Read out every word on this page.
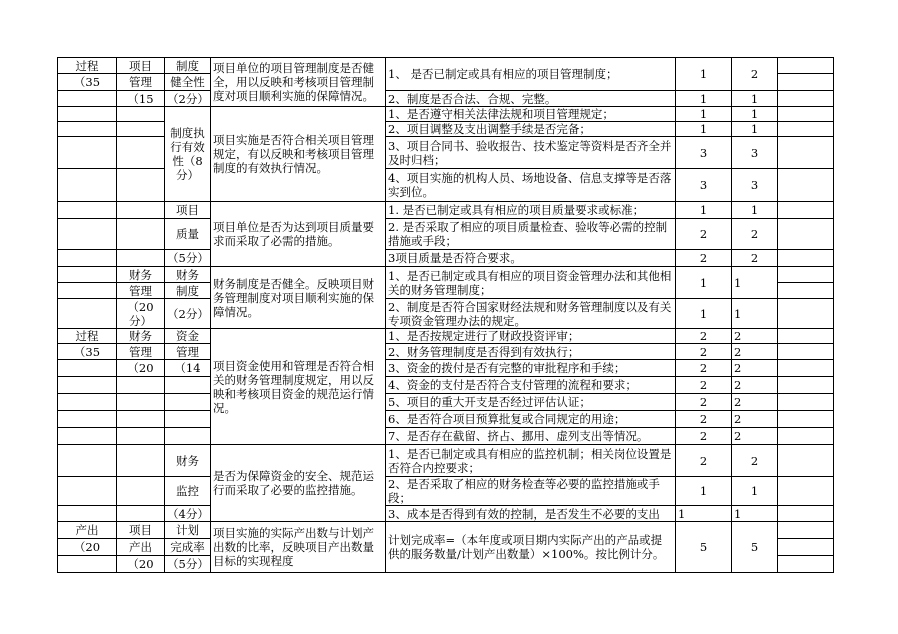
过程	项目	制度	项目单位的项目管理制度是否健全，用以反映和考核项目管理制度对项目顺利实施的保障情况。	1、 是否已制定或具有相应的项目管理制度；	1	2	
（35	管理	健全性					
	（15	（2分）		2、制度是否合法、合规、完整。	1	1	
		制度执行有效性（8分）	项目实施是否符合相关项目管理规定，有以反映和考核项目管理制度的有效执行情况。	1、是否遵守相关法律法规和项目管理规定；	1	1	
				2、项目调整及支出调整手续是否完备；	1	1	
				3、项目合同书、验收报告、技术鉴定等资料是否齐全并及时归档；	3	3	
				4、项目实施的机构人员、场地设备、信息支撑等是否落实到位。	3	3	
		项目	项目单位是否为达到项目质量要求而采取了必需的措施。	1. 是否已制定或具有相应的项目质量要求或标准；	1	1	
		质量		2. 是否采取了相应的项目质量检查、验收等必需的控制措施或手段；	2	2	
		（5分）		3项目质量是否符合要求。	2	2	
	财务	财务	财务制度是否健全。反映项目财务管理制度对项目顺利实施的保障情况。	1、是否已制定或具有相应的项目资金管理办法和其他相关的财务管理制度；	1	1	
	管理	制度					
	（20分）	（2分）		2、制度是否符合国家财经法规和财务管理制度以及有关专项资金管理办法的规定。	1	1	
过程	财务	资金	项目资金使用和管理是否符合相关的财务管理制度规定，用以反映和考核项目资金的规范运行情况。	1、是否按规定进行了财政投资评审；	2	2	
（35	管理	管理		2、财务管理制度是否得到有效执行；	2	2	
	（20	（14		3、资金的拨付是否有完整的审批程序和手续；	2	2	
				4、资金的支付是否符合支付管理的流程和要求；	2	2	
				5、项目的重大开支是否经过评估认证；	2	2	
				6、是否符合项目预算批复或合同规定的用途；	2	2	
				7、是否存在截留、挤占、挪用、虚列支出等情况。	2	2	
		财务	是否为保障资金的安全、规范运行而采取了必要的监控措施。	1、是否已制定或具有相应的监控机制；相关岗位设置是否符合内控要求；	2	2	
		监控		2、是否采取了相应的财务检查等必要的监控措施或手段；	1	1	
		（4分）		3、成本是否得到有效的控制，是否发生不必要的支出	1	1	
产出	项目	计划	项目实施的实际产出数与计划产出数的比率，反映项目产出数量目标的实现程度	计划完成率=（本年度或项目期内实际产出的产品或提供的服务数量/计划产出数量）×100%。按比例计分。	5	5	
（20	产出	完成率					
	（20	（5分）					
